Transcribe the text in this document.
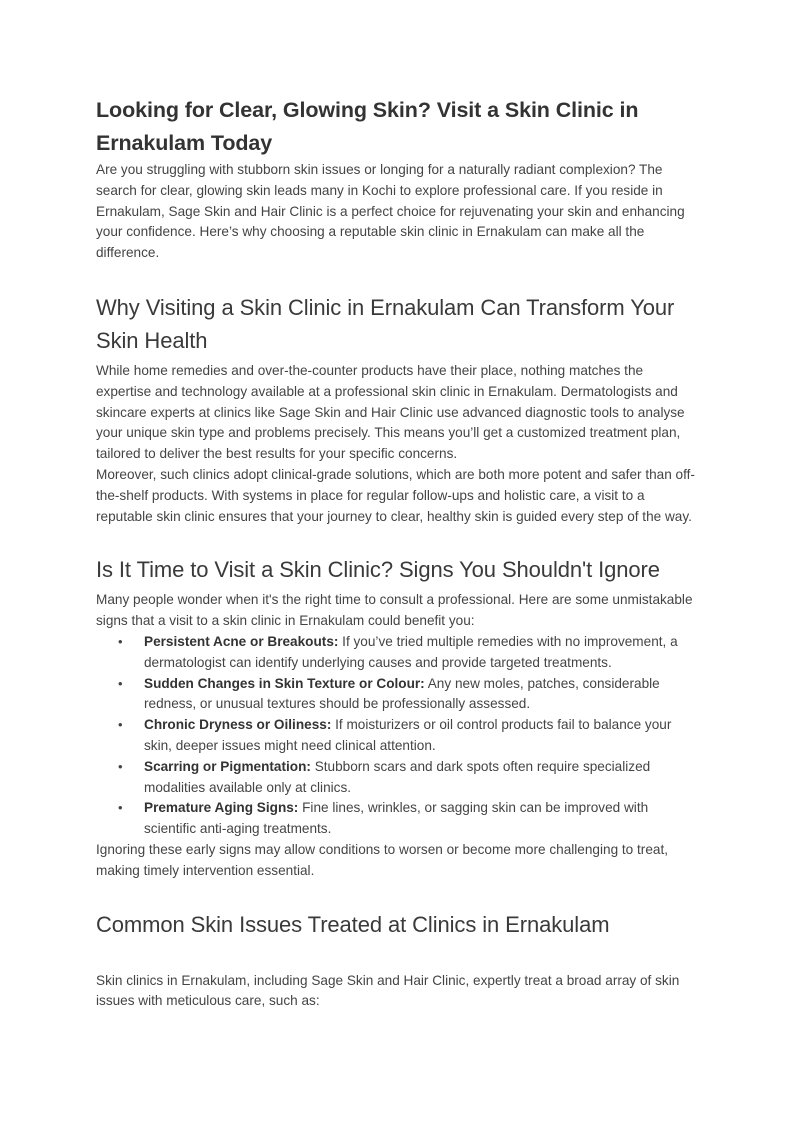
Looking for Clear, Glowing Skin? Visit a Skin Clinic in Ernakulam Today

Are you struggling with stubborn skin issues or longing for a naturally radiant complexion? The search for clear, glowing skin leads many in Kochi to explore professional care. If you reside in Ernakulam, Sage Skin and Hair Clinic is a perfect choice for rejuvenating your skin and enhancing your confidence. Here’s why choosing a reputable skin clinic in Ernakulam can make all the difference.

Why Visiting a Skin Clinic in Ernakulam Can Transform Your Skin Health

While home remedies and over-the-counter products have their place, nothing matches the expertise and technology available at a professional skin clinic in Ernakulam. Dermatologists and skincare experts at clinics like Sage Skin and Hair Clinic use advanced diagnostic tools to analyse your unique skin type and problems precisely. This means you’ll get a customized treatment plan, tailored to deliver the best results for your specific concerns.

Moreover, such clinics adopt clinical-grade solutions, which are both more potent and safer than off-the-shelf products. With systems in place for regular follow-ups and holistic care, a visit to a reputable skin clinic ensures that your journey to clear, healthy skin is guided every step of the way.

Is It Time to Visit a Skin Clinic? Signs You Shouldn't Ignore

Many people wonder when it's the right time to consult a professional. Here are some unmistakable signs that a visit to a skin clinic in Ernakulam could benefit you:

• Persistent Acne or Breakouts: If you’ve tried multiple remedies with no improvement, a dermatologist can identify underlying causes and provide targeted treatments.
• Sudden Changes in Skin Texture or Colour: Any new moles, patches, considerable redness, or unusual textures should be professionally assessed.
• Chronic Dryness or Oiliness: If moisturizers or oil control products fail to balance your skin, deeper issues might need clinical attention.
• Scarring or Pigmentation: Stubborn scars and dark spots often require specialized modalities available only at clinics.
• Premature Aging Signs: Fine lines, wrinkles, or sagging skin can be improved with scientific anti-aging treatments.

Ignoring these early signs may allow conditions to worsen or become more challenging to treat, making timely intervention essential.

Common Skin Issues Treated at Clinics in Ernakulam

Skin clinics in Ernakulam, including Sage Skin and Hair Clinic, expertly treat a broad array of skin issues with meticulous care, such as:
